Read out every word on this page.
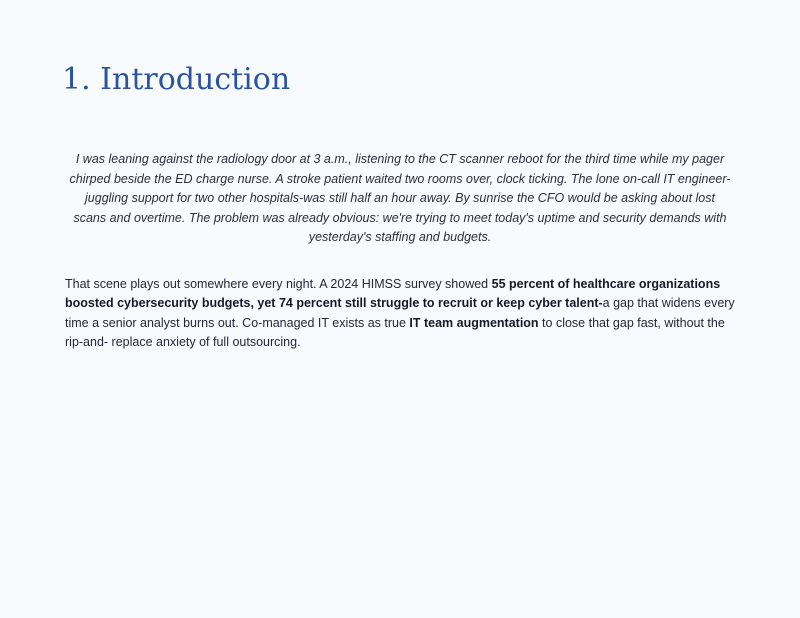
1. Introduction

I was leaning against the radiology door at 3 a.m., listening to the CT scanner reboot for the third time while my pager chirped beside the ED charge nurse. A stroke patient waited two rooms over, clock ticking. The lone on-call IT engineer-juggling support for two other hospitals-was still half an hour away. By sunrise the CFO would be asking about lost scans and overtime. The problem was already obvious: we're trying to meet today's uptime and security demands with yesterday's staffing and budgets.

That scene plays out somewhere every night. A 2024 HIMSS survey showed 55 percent of healthcare organizations boosted cybersecurity budgets, yet 74 percent still struggle to recruit or keep cyber talent-a gap that widens every time a senior analyst burns out. Co-managed IT exists as true IT team augmentation to close that gap fast, without the rip-and- replace anxiety of full outsourcing.
